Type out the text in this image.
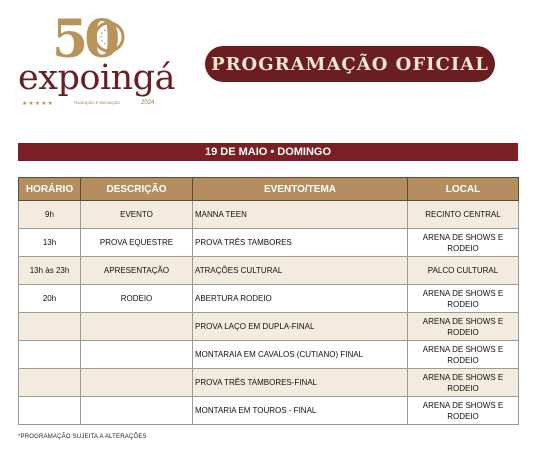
50
expoingá
★★★★★	TRADIÇÃO E INOVAÇÃO	2024
PROGRAMAÇÃO OFICIAL
19 DE MAIO • DOMINGO
HORÁRIO	DESCRIÇÃO	EVENTO/TEMA	LOCAL
9h	EVENTO	MANNA TEEN	RECINTO CENTRAL
13h	PROVA EQUESTRE	PROVA TRÊS TAMBORES	ARENA DE SHOWS E RODEIO
13h às 23h	APRESENTAÇÃO	ATRAÇÕES CULTURAL	PALCO CULTURAL
20h	RODEIO	ABERTURA RODEIO	ARENA DE SHOWS E RODEIO
		PROVA LAÇO EM DUPLA-FINAL	ARENA DE SHOWS E RODEIO
		MONTARAIA EM CAVALOS (CUTIANO) FINAL	ARENA DE SHOWS E RODEIO
		PROVA TRÊS TAMBORES-FINAL	ARENA DE SHOWS E RODEIO
		MONTARIA EM TOUROS - FINAL	ARENA DE SHOWS E RODEIO
*PROGRAMAÇÃO SUJEITA A ALTERAÇÕES
